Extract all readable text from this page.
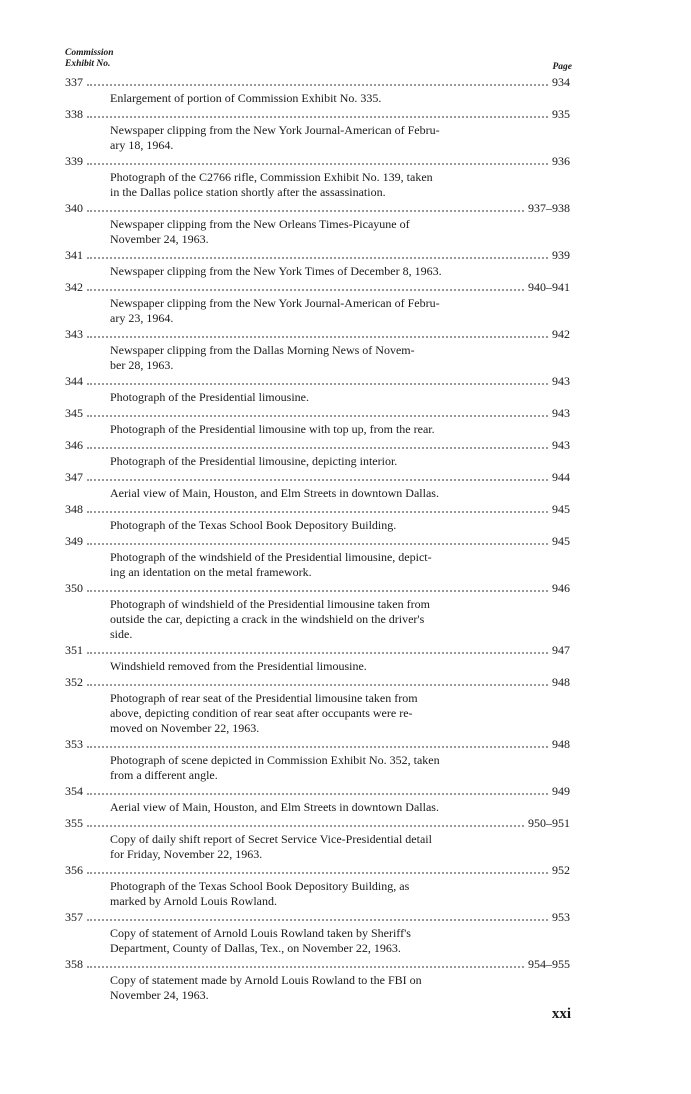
Commission
Exhibit No.	Page
337	934
Enlargement of portion of Commission Exhibit No. 335.
338	935
Newspaper clipping from the New York Journal-American of Febru-
ary 18, 1964.
339	936
Photograph of the C2766 rifle, Commission Exhibit No. 139, taken
in the Dallas police station shortly after the assassination.
340	937–938
Newspaper clipping from the New Orleans Times-Picayune of
November 24, 1963.
341	939
Newspaper clipping from the New York Times of December 8, 1963.
342	940–941
Newspaper clipping from the New York Journal-American of Febru-
ary 23, 1964.
343	942
Newspaper clipping from the Dallas Morning News of Novem-
ber 28, 1963.
344	943
Photograph of the Presidential limousine.
345	943
Photograph of the Presidential limousine with top up, from the rear.
346	943
Photograph of the Presidential limousine, depicting interior.
347	944
Aerial view of Main, Houston, and Elm Streets in downtown Dallas.
348	945
Photograph of the Texas School Book Depository Building.
349	945
Photograph of the windshield of the Presidential limousine, depict-
ing an identation on the metal framework.
350	946
Photograph of windshield of the Presidential limousine taken from
outside the car, depicting a crack in the windshield on the driver's
side.
351	947
Windshield removed from the Presidential limousine.
352	948
Photograph of rear seat of the Presidential limousine taken from
above, depicting condition of rear seat after occupants were re-
moved on November 22, 1963.
353	948
Photograph of scene depicted in Commission Exhibit No. 352, taken
from a different angle.
354	949
Aerial view of Main, Houston, and Elm Streets in downtown Dallas.
355	950–951
Copy of daily shift report of Secret Service Vice-Presidential detail
for Friday, November 22, 1963.
356	952
Photograph of the Texas School Book Depository Building, as
marked by Arnold Louis Rowland.
357	953
Copy of statement of Arnold Louis Rowland taken by Sheriff's
Department, County of Dallas, Tex., on November 22, 1963.
358	954–955
Copy of statement made by Arnold Louis Rowland to the FBI on
November 24, 1963.
xxi
